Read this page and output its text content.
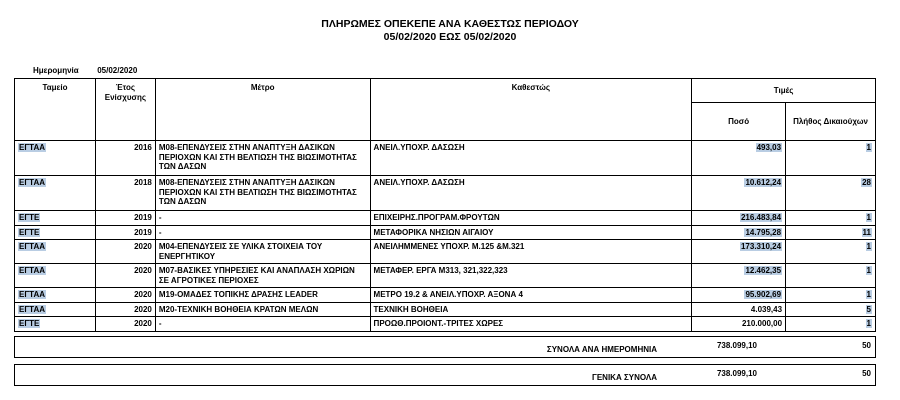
ΠΛΗΡΩΜΕΣ ΟΠΕΚΕΠΕ ΑΝΑ ΚΑΘΕΣΤΩΣ ΠΕΡΙΟΔΟΥ
05/02/2020 ΕΩΣ 05/02/2020
Ημερομηνία 05/02/2020
Ταμείο	Έτος Ενίσχυσης	Μέτρο	Καθεστώς	Τιμές	
				Ποσό	Πλήθος Δικαιούχων
ΕΓΤΑΑ	2016	M08-ΕΠΕΝΔΥΣΕΙΣ ΣΤΗΝ ΑΝΑΠΤΥΞΗ ΔΑΣΙΚΩΝ ΠΕΡΙΟΧΩΝ ΚΑΙ ΣΤΗ ΒΕΛΤΙΩΣΗ ΤΗΣ ΒΙΩΣΙΜΟΤΗΤΑΣ ΤΩΝ ΔΑΣΩΝ	ΑΝΕΙΛ.ΥΠΟΧΡ. ΔΑΣΩΣΗ	493,03	1
ΕΓΤΑΑ	2018	M08-ΕΠΕΝΔΥΣΕΙΣ ΣΤΗΝ ΑΝΑΠΤΥΞΗ ΔΑΣΙΚΩΝ ΠΕΡΙΟΧΩΝ ΚΑΙ ΣΤΗ ΒΕΛΤΙΩΣΗ ΤΗΣ ΒΙΩΣΙΜΟΤΗΤΑΣ ΤΩΝ ΔΑΣΩΝ	ΑΝΕΙΛ.ΥΠΟΧΡ. ΔΑΣΩΣΗ	10.612,24	28
ΕΓΤΕ	2019	-	ΕΠΙΧΕΙΡΗΣ.ΠΡΟΓΡΑΜ.ΦΡΟΥΤΩΝ	216.483,84	1
ΕΓΤΕ	2019	-	ΜΕΤΑΦΟΡΙΚΑ ΝΗΣΙΩΝ ΑΙΓΑΙΟΥ	14.795,28	11
ΕΓΤΑΑ	2020	M04-ΕΠΕΝΔΥΣΕΙΣ ΣΕ ΥΛΙΚΑ ΣΤΟΙΧΕΙΑ ΤΟΥ ΕΝΕΡΓΗΤΙΚΟΥ	ΑΝΕΙΛΗΜΜΕΝΕΣ ΥΠΟΧΡ. Μ.125 &Μ.321	173.310,24	1
ΕΓΤΑΑ	2020	M07-ΒΑΣΙΚΕΣ ΥΠΗΡΕΣΙΕΣ ΚΑΙ ΑΝΑΠΛΑΣΗ ΧΩΡΙΩΝ ΣΕ ΑΓΡΟΤΙΚΕΣ ΠΕΡΙΟΧΕΣ	ΜΕΤΑΦΕΡ. ΕΡΓΑ Μ313, 321,322,323	12.462,35	1
ΕΓΤΑΑ	2020	M19-ΟΜΑΔΕΣ ΤΟΠΙΚΗΣ ΔΡΑΣΗΣ LEADER	ΜΕΤΡΟ 19.2 & ΑΝΕΙΛ.ΥΠΟΧΡ. ΑΞΟΝΑ 4	95.902,69	1
ΕΓΤΑΑ	2020	M20-ΤΕΧΝΙΚΗ ΒΟΗΘΕΙΑ ΚΡΑΤΩΝ ΜΕΛΩΝ	ΤΕΧΝΙΚΗ ΒΟΗΘΕΙΑ	4.039,43	5
ΕΓΤΕ	2020	-	ΠΡΟΩΘ.ΠΡΟΙΟΝΤ.-ΤΡΙΤΕΣ ΧΩΡΕΣ	210.000,00	1
ΣΥΝΟΛΑ ΑΝΑ ΗΜΕΡΟΜΗΝΙΑ	738.099,10	50
ΓΕΝΙΚΑ ΣΥΝΟΛΑ	738.099,10	50
